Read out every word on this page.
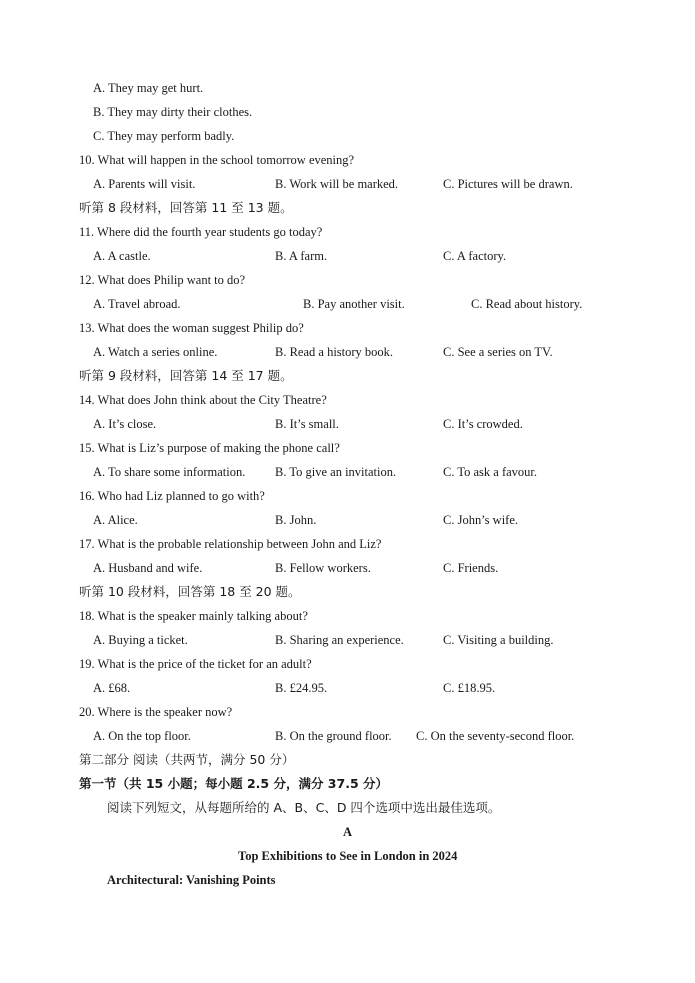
A. They may get hurt.
B. They may dirty their clothes.
C. They may perform badly.
10. What will happen in the school tomorrow evening?
A. Parents will visit.	B. Work will be marked.	C. Pictures will be drawn.
听第 8 段材料，回答第 11 至 13 题。
11. Where did the fourth year students go today?
A. A castle.	B. A farm.	C. A factory.
12. What does Philip want to do?
A. Travel abroad.	B. Pay another visit.	C. Read about history.
13. What does the woman suggest Philip do?
A. Watch a series online.	B. Read a history book.	C. See a series on TV.
听第 9 段材料，回答第 14 至 17 题。
14. What does John think about the City Theatre?
A. It’s close.	B. It’s small.	C. It’s crowded.
15. What is Liz’s purpose of making the phone call?
A. To share some information. B. To give an invitation.	C. To ask a favour.
16. Who had Liz planned to go with?
A. Alice.	B. John.	C. John’s wife.
17. What is the probable relationship between John and Liz?
A. Husband and wife.	B. Fellow workers.	C. Friends.
听第 10 段材料，回答第 18 至 20 题。
18. What is the speaker mainly talking about?
A. Buying a ticket.	B. Sharing an experience.	C. Visiting a building.
19. What is the price of the ticket for an adult?
A. £68.	B. £24.95.	C. £18.95.
20. Where is the speaker now?
A. On the top floor.	B. On the ground floor. C. On the seventy-second floor.
第二部分 阅读（共两节，满分 50 分）
第一节（共 15 小题；每小题 2.5 分，满分 37.5 分）
阅读下列短文，从每题所给的 A、B、C、D 四个选项中选出最佳选项。
A
Top Exhibitions to See in London in 2024
Architectural: Vanishing Points
